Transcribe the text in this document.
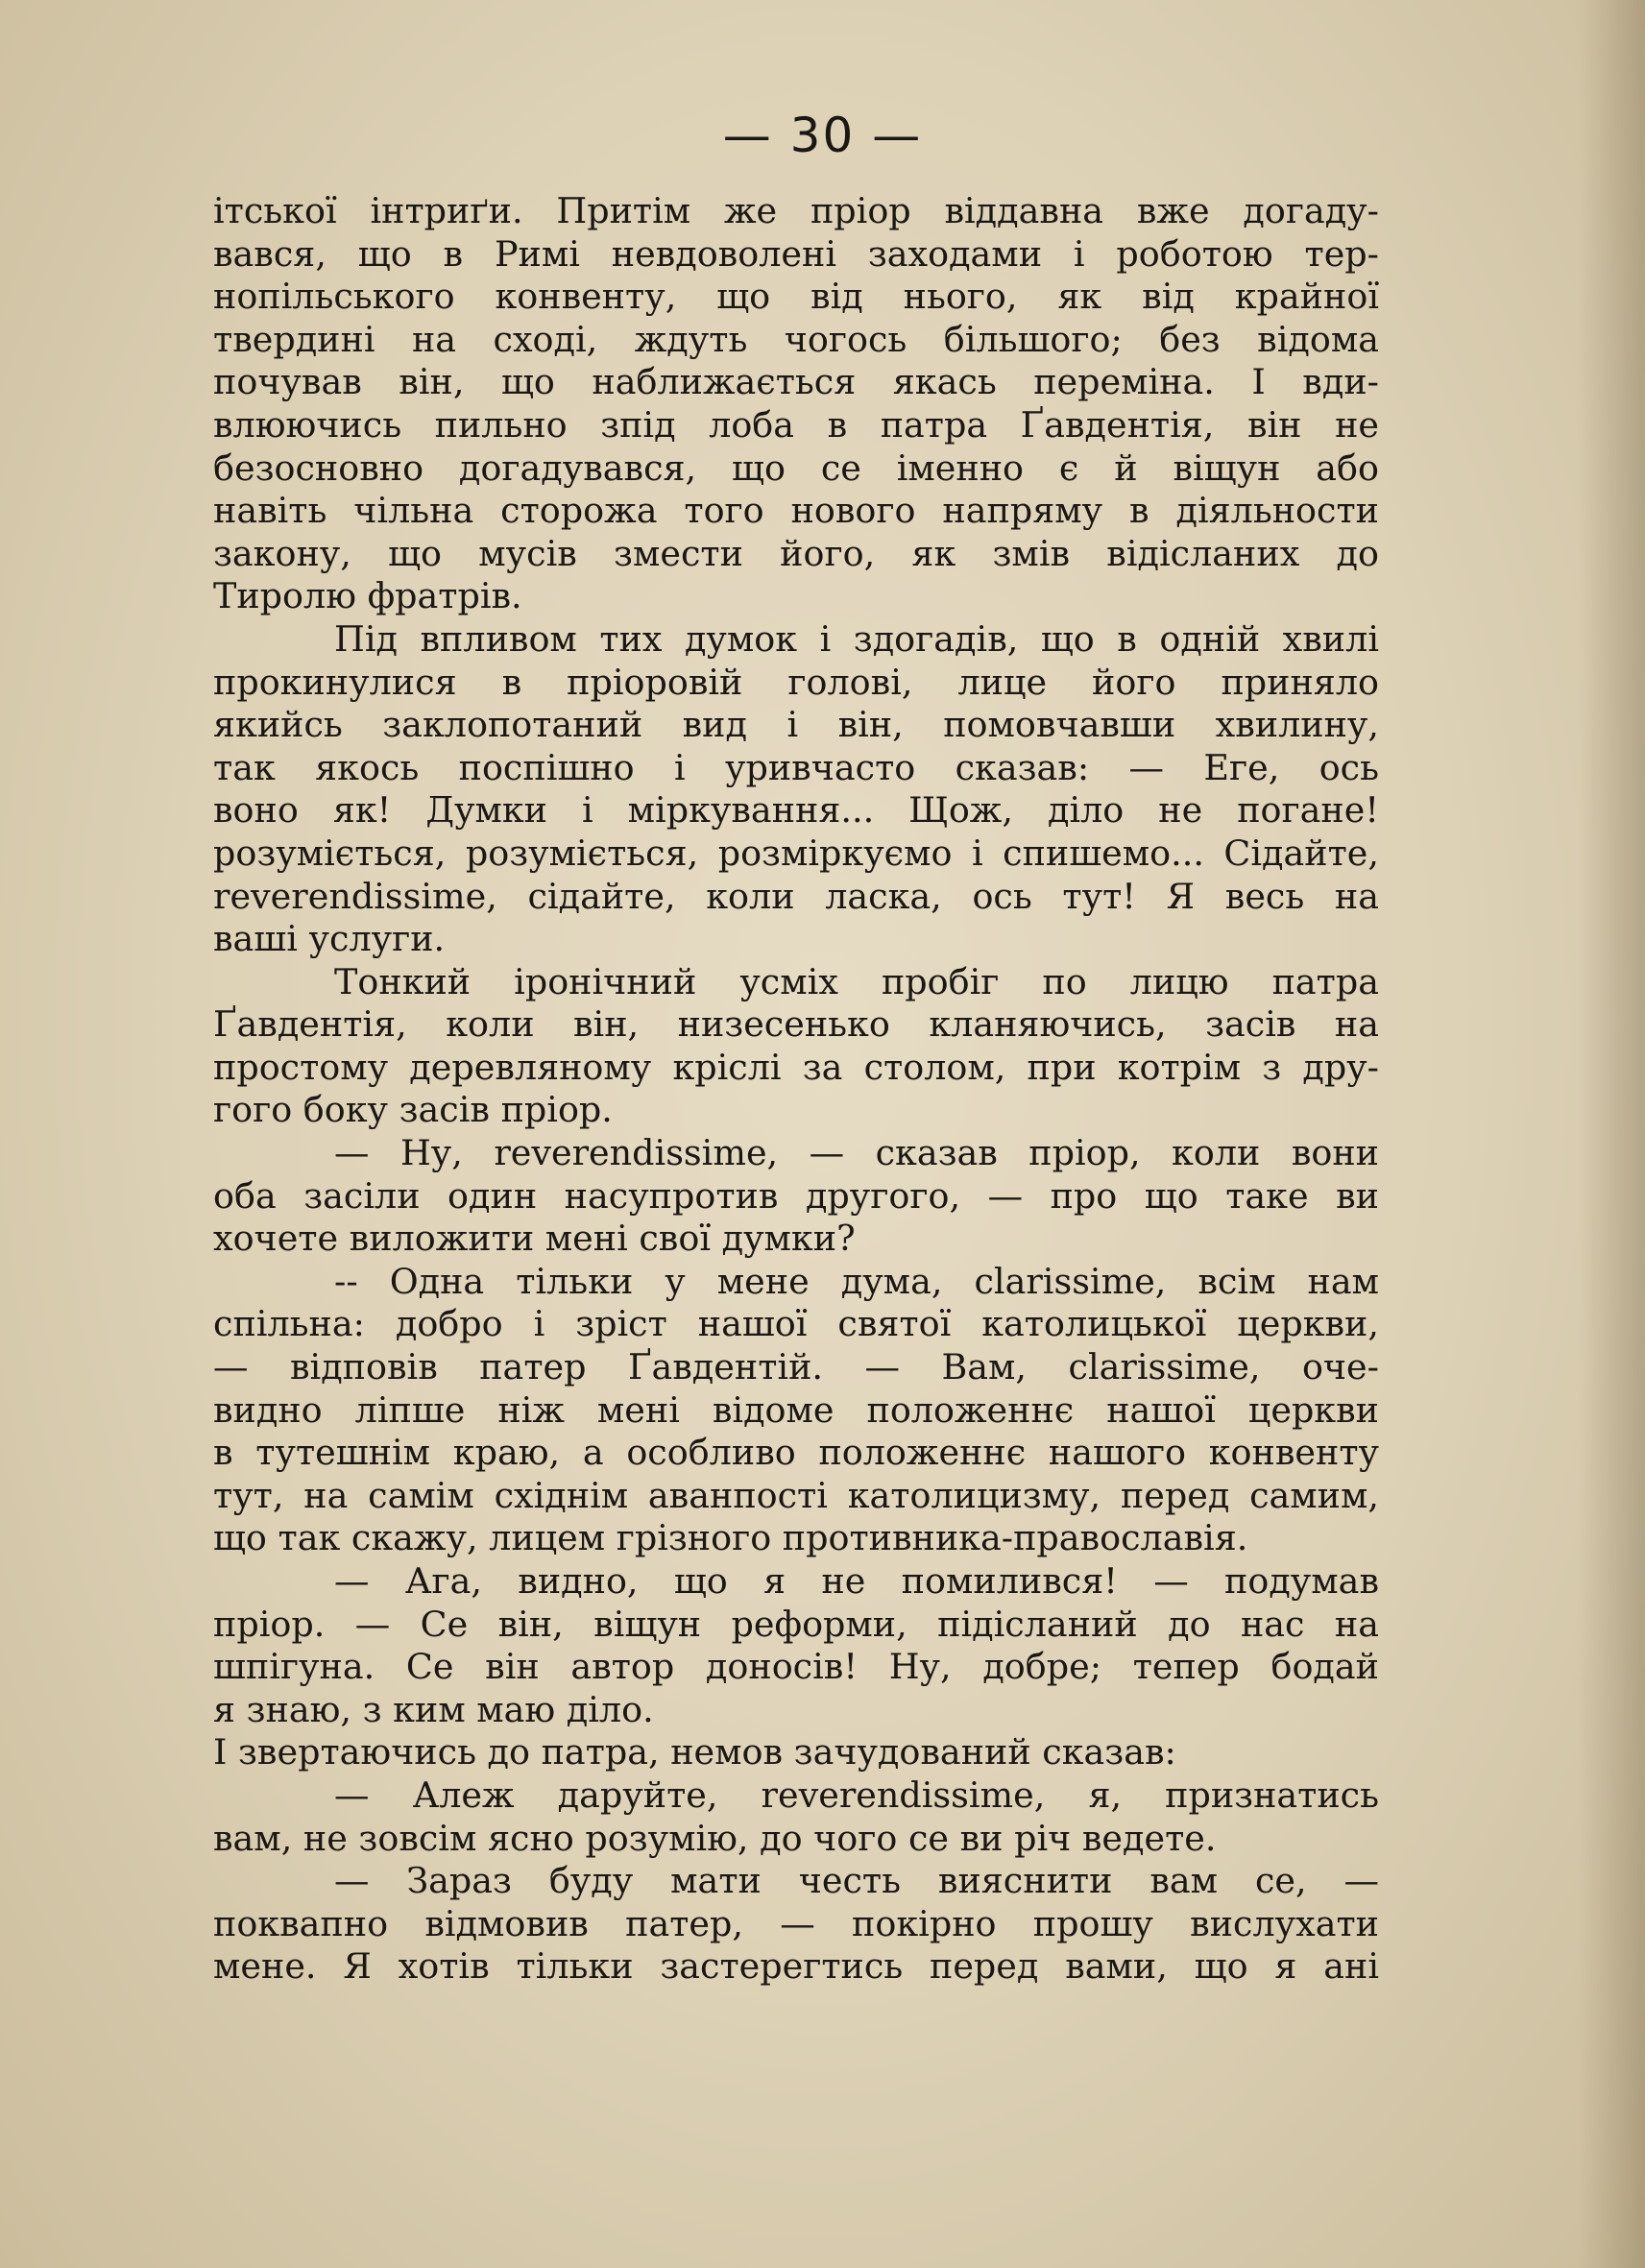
— 30 —
ітської інтриґи. Притім же пріор віддавна вже догаду-
вався, що в Римі невдоволені заходами і роботою тер-
нопільського конвенту, що від нього, як від крайної
твердині на сході, ждуть чогось більшого; без відома
почував він, що наближається якась переміна. І вди-
влюючись пильно зпід лоба в патра Ґавдентія, він не
безосновно догадувався, що се іменно є й віщун або
навіть чільна сторожа того нового напряму в діяльности
закону, що мусів змести його, як змів відісланих до
Тиролю фратрів.
Під впливом тих думок і здогадів, що в одній хвилі
прокинулися в пріоровій голові, лице його приняло
якийсь заклопотаний вид і він, помовчавши хвилину,
так якось поспішно і уривчасто сказав: — Еге, ось
воно як! Думки і міркування... Щож, діло не погане!
розуміється, розуміється, розміркуємо і спишемо... Сідайте,
reverendissime, сідайте, коли ласка, ось тут! Я весь на
ваші услуги.
Тонкий іронічний усміх пробіг по лицю патра
Ґавдентія, коли він, низесенько кланяючись, засів на
простому деревляному кріслі за столом, при котрім з дру-
гого боку засів пріор.
— Ну, reverendissime, — сказав пріор, коли вони
оба засіли один насупротив другого, — про що таке ви
хочете виложити мені свої думки?
-- Одна тільки у мене дума, clarissime, всім нам
спільна: добро і зріст нашої святої католицької церкви,
— відповів патер Ґавдентій. — Вам, clarissime, оче-
видно ліпше ніж мені відоме положеннє нашої церкви
в тутешнім краю, а особливо положеннє нашого конвенту
тут, на самім східнім аванпості католицизму, перед самим,
що так скажу, лицем грізного противника-православія.
— Ага, видно, що я не помилився! — подумав
пріор. — Се він, віщун реформи, підісланий до нас на
шпігуна. Се він автор доносів! Ну, добре; тепер бодай
я знаю, з ким маю діло.
І звертаючись до патра, немов зачудований сказав:
— Алеж даруйте, reverendissime, я, признатись
вам, не зовсім ясно розумію, до чого се ви річ ведете.
— Зараз буду мати честь вияснити вам се, —
поквапно відмовив патер, — покірно прошу вислухати
мене. Я хотів тільки застерегтись перед вами, що я ані
